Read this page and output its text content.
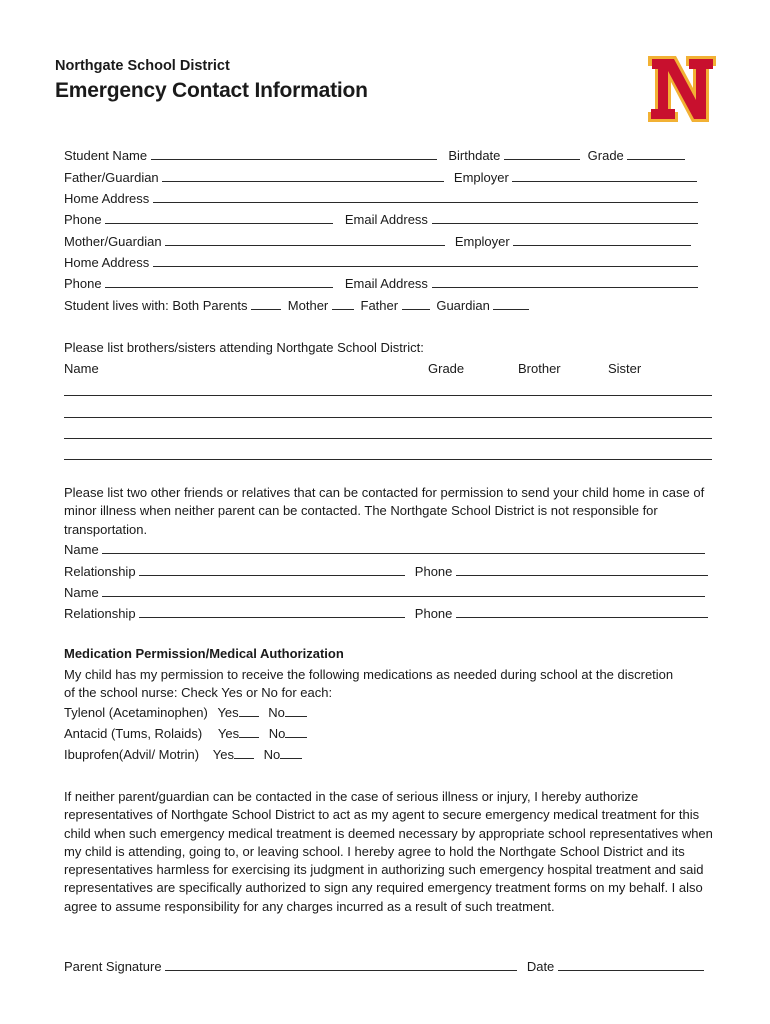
Northgate School District
Emergency Contact Information
Student Name	Birthdate	Grade
Father/Guardian	Employer
Home Address
Phone	Email Address
Mother/Guardian	Employer
Home Address
Phone	Email Address
Student lives with: Both Parents	Mother Father	Guardian
Please list brothers/sisters attending Northgate School District:
Name	Grade	Brother	Sister
Please list two other friends or relatives that can be contacted for permission to send your child home in case of minor illness when neither parent can be contacted. The Northgate School District is not responsible for transportation.
Name
Relationship	Phone
Name
Relationship	Phone
Medication Permission/Medical Authorization
My child has my permission to receive the following medications as needed during school at the discretion of the school nurse: Check Yes or No for each:
Tylenol (Acetaminophen) Yes No
Antacid (Tums, Rolaids) Yes No
Ibuprofen(Advil/ Motrin) Yes No
If neither parent/guardian can be contacted in the case of serious illness or injury, I hereby authorize representatives of Northgate School District to act as my agent to secure emergency medical treatment for this child when such emergency medical treatment is deemed necessary by appropriate school representatives when my child is attending, going to, or leaving school. I hereby agree to hold the Northgate School District and its representatives harmless for exercising its judgment in authorizing such emergency hospital treatment and said representatives are specifically authorized to sign any required emergency treatment forms on my behalf. I also agree to assume responsibility for any charges incurred as a result of such treatment.
Parent Signature	Date
